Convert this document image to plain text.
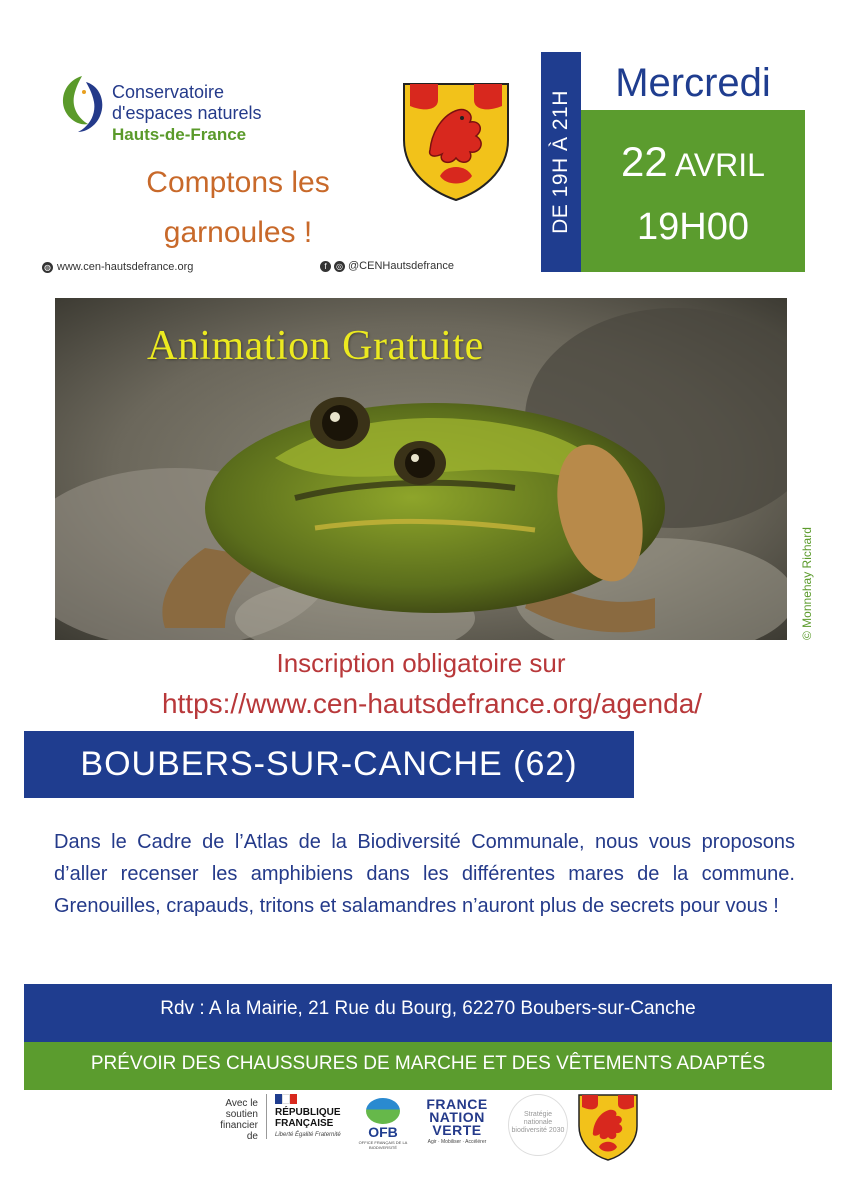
Conservatoire
d'espaces naturels
Hauts-de-France
Comptons les
garnoules !
◍ www.cen-hautsdefrance.org	f	◎ @CENHautsdefrance
DE 19H À 21H
Mercredi
22 AVRIL
19H00
Animation Gratuite
© Monnehay Richard
Inscription obligatoire sur
https://www.cen-hautsdefrance.org/agenda/
BOUBERS-SUR-CANCHE (62)
Dans le Cadre de l’Atlas de la Biodiversité Communale, nous vous proposons d’aller recenser les amphibiens dans les différentes mares de la commune. Grenouilles, crapauds, tritons et salamandres n’auront plus de secrets pour vous !
Rdv : A la Mairie, 21 Rue du Bourg, 62270 Boubers-sur-Canche
PRÉVOIR DES CHAUSSURES DE MARCHE ET DES VÊTEMENTS ADAPTÉS
Avec le soutien financier de
RÉPUBLIQUE
FRANÇAISE
Liberté Égalité Fraternité	OFB
OFFICE FRANÇAIS DE LA BIODIVERSITÉ
FRANCE
NATION
VERTE
Agir · Mobiliser · Accélérer
Stratégie nationale biodiversité 2030
